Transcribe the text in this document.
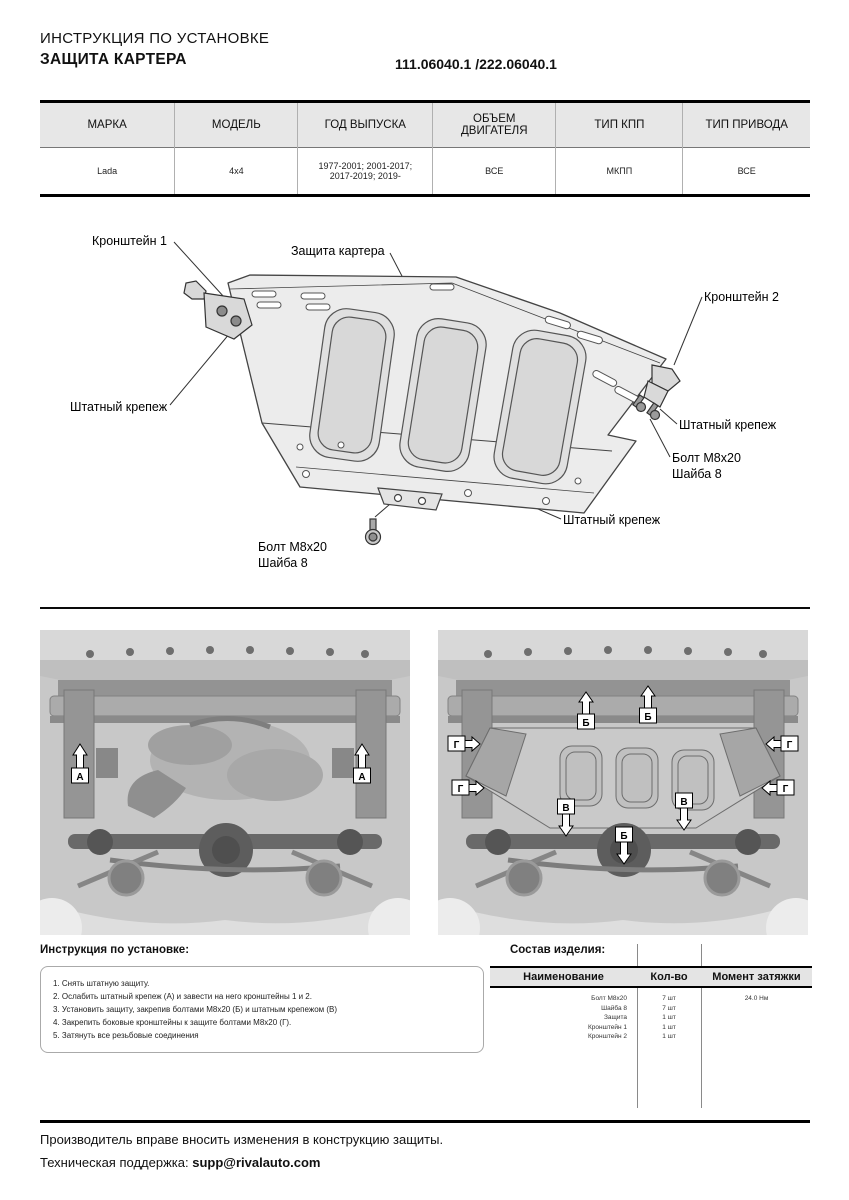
ИНСТРУКЦИЯ ПО УСТАНОВКЕ
ЗАЩИТА КАРТЕРА	111.06040.1 /222.06040.1
МАРКА	МОДЕЛЬ	ГОД ВЫПУСКА	ОБЪЕМ ДВИГАТЕЛЯ	ТИП КПП	ТИП ПРИВОДА
Lada	4x4	1977-2001; 2001-2017; 2017-2019; 2019-	ВСЕ	МКПП	ВСЕ
Кронштейн 1
Защита картера
Кронштейн 2
Штатный крепеж
Штатный крепеж
Болт М8х20
Шайба 8
Штатный крепеж
Болт М8х20
Шайба 8
А	А
Б
Б
В
В
Б
Г
Г
Г
Г
Инструкция по установке:
1. Снять штатную защиту.
2. Ослабить штатный крепеж (А) и завести на него кронштейны 1 и 2.
3. Установить защиту, закрепив болтами М8х20 (Б) и штатным крепежом (В)
4. Закрепить боковые кронштейны к защите болтами М8х20 (Г).
5. Затянуть все резьбовые соединения
Состав изделия:
Наименование	Кол-во	Момент затяжки
Болт М8х20	7 шт	24.0 Нм
Шайба 8	7 шт
Защита	1 шт
Кронштейн 1	1 шт
Кронштейн 2	1 шт
Производитель вправе вносить изменения в конструкцию защиты.
Техническая поддержка: supp@rivalauto.com
